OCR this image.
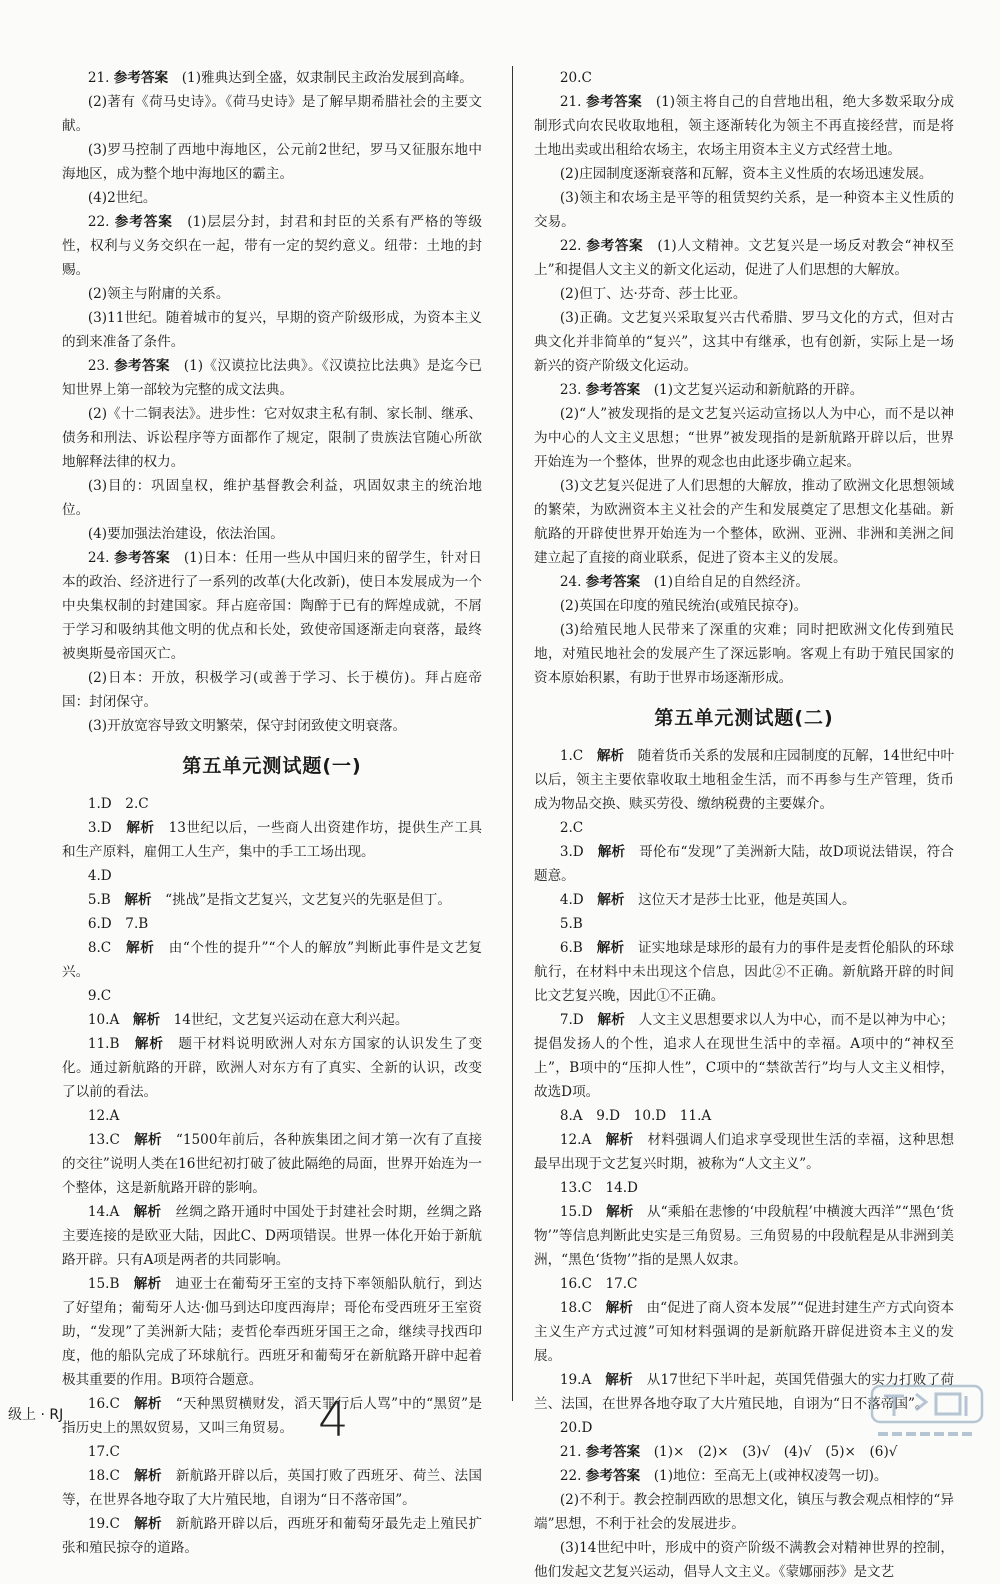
21. 参考答案　 (1)雅典达到全盛，奴隶制民主政治发展到高峰。

(2)著有《荷马史诗》。《荷马史诗》是了解早期希腊社会的主要文献。

(3)罗马控制了西地中海地区，公元前2世纪，罗马又征服东地中海地区，成为整个地中海地区的霸主。

(4)2世纪。

22. 参考答案　 (1)层层分封，封君和封臣的关系有严格的等级性，权利与义务交织在一起，带有一定的契约意义。纽带：土地的封赐。

(2)领主与附庸的关系。

(3)11世纪。随着城市的复兴，早期的资产阶级形成，为资本主义的到来准备了条件。

23. 参考答案　 (1)《汉谟拉比法典》。《汉谟拉比法典》是迄今已知世界上第一部较为完整的成文法典。

(2)《十二铜表法》。进步性：它对奴隶主私有制、家长制、继承、债务和刑法、诉讼程序等方面都作了规定，限制了贵族法官随心所欲地解释法律的权力。

(3)目的：巩固皇权，维护基督教会利益，巩固奴隶主的统治地位。

(4)要加强法治建设，依法治国。

24. 参考答案　 (1)日本：任用一些从中国归来的留学生，针对日本的政治、经济进行了一系列的改革(大化改新)，使日本发展成为一个中央集权制的封建国家。拜占庭帝国：陶醉于已有的辉煌成就，不屑于学习和吸纳其他文明的优点和长处，致使帝国逐渐走向衰落，最终被奥斯曼帝国灭亡。

(2)日本：开放，积极学习(或善于学习、长于模仿)。拜占庭帝国：封闭保守。

(3)开放宽容导致文明繁荣，保守封闭致使文明衰落。

第五单元测试题(一)

1.D　2.C

3.D　 解析　 13世纪以后，一些商人出资建作坊，提供生产工具和生产原料，雇佣工人生产，集中的手工工场出现。

4.D

5.B　 解析　 “挑战”是指文艺复兴，文艺复兴的先驱是但丁。

6.D　7.B

8.C　 解析　 由“个性的提升”“个人的解放”判断此事件是文艺复兴。

9.C

10.A　 解析　 14世纪，文艺复兴运动在意大利兴起。

11.B　 解析　 题干材料说明欧洲人对东方国家的认识发生了变化。通过新航路的开辟，欧洲人对东方有了真实、全新的认识，改变了以前的看法。

12.A

13.C　 解析　 “1500年前后，各种族集团之间才第一次有了直接的交往”说明人类在16世纪初打破了彼此隔绝的局面，世界开始连为一个整体，这是新航路开辟的影响。

14.A　 解析　 丝绸之路开通时中国处于封建社会时期，丝绸之路主要连接的是欧亚大陆，因此C、D两项错误。世界一体化开始于新航路开辟。只有A项是两者的共同影响。

15.B　 解析　 迪亚士在葡萄牙王室的支持下率领船队航行，到达了好望角；葡萄牙人达·伽马到达印度西海岸；哥伦布受西班牙王室资助，“发现”了美洲新大陆；麦哲伦奉西班牙国王之命，继续寻找西印度，他的船队完成了环球航行。西班牙和葡萄牙在新航路开辟中起着极其重要的作用。B项符合题意。

16.C　 解析　 “天种黑贸横财发，滔天罪行后人骂”中的“黑贸”是指历史上的黑奴贸易，又叫三角贸易。

17.C

18.C　 解析　 新航路开辟以后，英国打败了西班牙、荷兰、法国等，在世界各地夺取了大片殖民地，自诩为“日不落帝国”。

19.C　 解析　 新航路开辟以后，西班牙和葡萄牙最先走上殖民扩张和殖民掠夺的道路。

20.C

21. 参考答案　 (1)领主将自己的自营地出租，绝大多数采取分成制形式向农民收取地租，领主逐渐转化为领主不再直接经营，而是将土地出卖或出租给农场主，农场主用资本主义方式经营土地。

(2)庄园制度逐渐衰落和瓦解，资本主义性质的农场迅速发展。

(3)领主和农场主是平等的租赁契约关系，是一种资本主义性质的交易。

22. 参考答案　 (1)人文精神。文艺复兴是一场反对教会“神权至上”和提倡人文主义的新文化运动，促进了人们思想的大解放。

(2)但丁、达·芬奇、莎士比亚。

(3)正确。文艺复兴采取复兴古代希腊、罗马文化的方式，但对古典文化并非简单的“复兴”，这其中有继承，也有创新，实际上是一场新兴的资产阶级文化运动。

23. 参考答案　 (1)文艺复兴运动和新航路的开辟。

(2)“人”被发现指的是文艺复兴运动宣扬以人为中心，而不是以神为中心的人文主义思想；“世界”被发现指的是新航路开辟以后，世界开始连为一个整体，世界的观念也由此逐步确立起来。

(3)文艺复兴促进了人们思想的大解放，推动了欧洲文化思想领域的繁荣，为欧洲资本主义社会的产生和发展奠定了思想文化基础。新航路的开辟使世界开始连为一个整体，欧洲、亚洲、非洲和美洲之间建立起了直接的商业联系，促进了资本主义的发展。

24. 参考答案　 (1)自给自足的自然经济。

(2)英国在印度的殖民统治(或殖民掠夺)。

(3)给殖民地人民带来了深重的灾难；同时把欧洲文化传到殖民地，对殖民地社会的发展产生了深远影响。客观上有助于殖民国家的资本原始积累，有助于世界市场逐渐形成。

第五单元测试题(二)

1.C　 解析　 随着货币关系的发展和庄园制度的瓦解，14世纪中叶以后，领主主要依靠收取土地租金生活，而不再参与生产管理，货币成为物品交换、赎买劳役、缴纳税费的主要媒介。

2.C

3.D　 解析　 哥伦布“发现”了美洲新大陆，故D项说法错误，符合题意。

4.D　 解析　 这位天才是莎士比亚，他是英国人。

5.B

6.B　 解析　 证实地球是球形的最有力的事件是麦哲伦船队的环球航行，在材料中未出现这个信息，因此②不正确。新航路开辟的时间比文艺复兴晚，因此①不正确。

7.D　 解析　 人文主义思想要求以人为中心，而不是以神为中心；提倡发扬人的个性，追求人在现世生活中的幸福。A项中的“神权至上”，B项中的“压抑人性”，C项中的“禁欲苦行”均与人文主义相悖，故选D项。

8.A　9.D　10.D　11.A

12.A　 解析　 材料强调人们追求享受现世生活的幸福，这种思想最早出现于文艺复兴时期，被称为“人文主义”。

13.C　14.D

15.D　 解析　 从“乘船在悲惨的‘中段航程’中横渡大西洋”“黑色‘货物’”等信息判断此史实是三角贸易。三角贸易的中段航程是从非洲到美洲，“黑色‘货物’”指的是黑人奴隶。

16.C　17.C

18.C　 解析　 由“促进了商人资本发展”“促进封建生产方式向资本主义生产方式过渡”可知材料强调的是新航路开辟促进资本主义的发展。

19.A　 解析　 从17世纪下半叶起，英国凭借强大的实力打败了荷兰、法国，在世界各地夺取了大片殖民地，自诩为“日不落帝国”。

20.D

21. 参考答案　 (1)×　(2)×　(3)√　(4)√　(5)×　(6)√

22. 参考答案　 (1)地位：至高无上(或神权凌驾一切)。

(2)不利于。教会控制西欧的思想文化，镇压与教会观点相悖的“异端”思想，不利于社会的发展进步。

(3)14世纪中叶，形成中的资产阶级不满教会对精神世界的控制，他们发起文艺复兴运动，倡导人文主义。《蒙娜丽莎》是文艺

级上 · RJ	4
